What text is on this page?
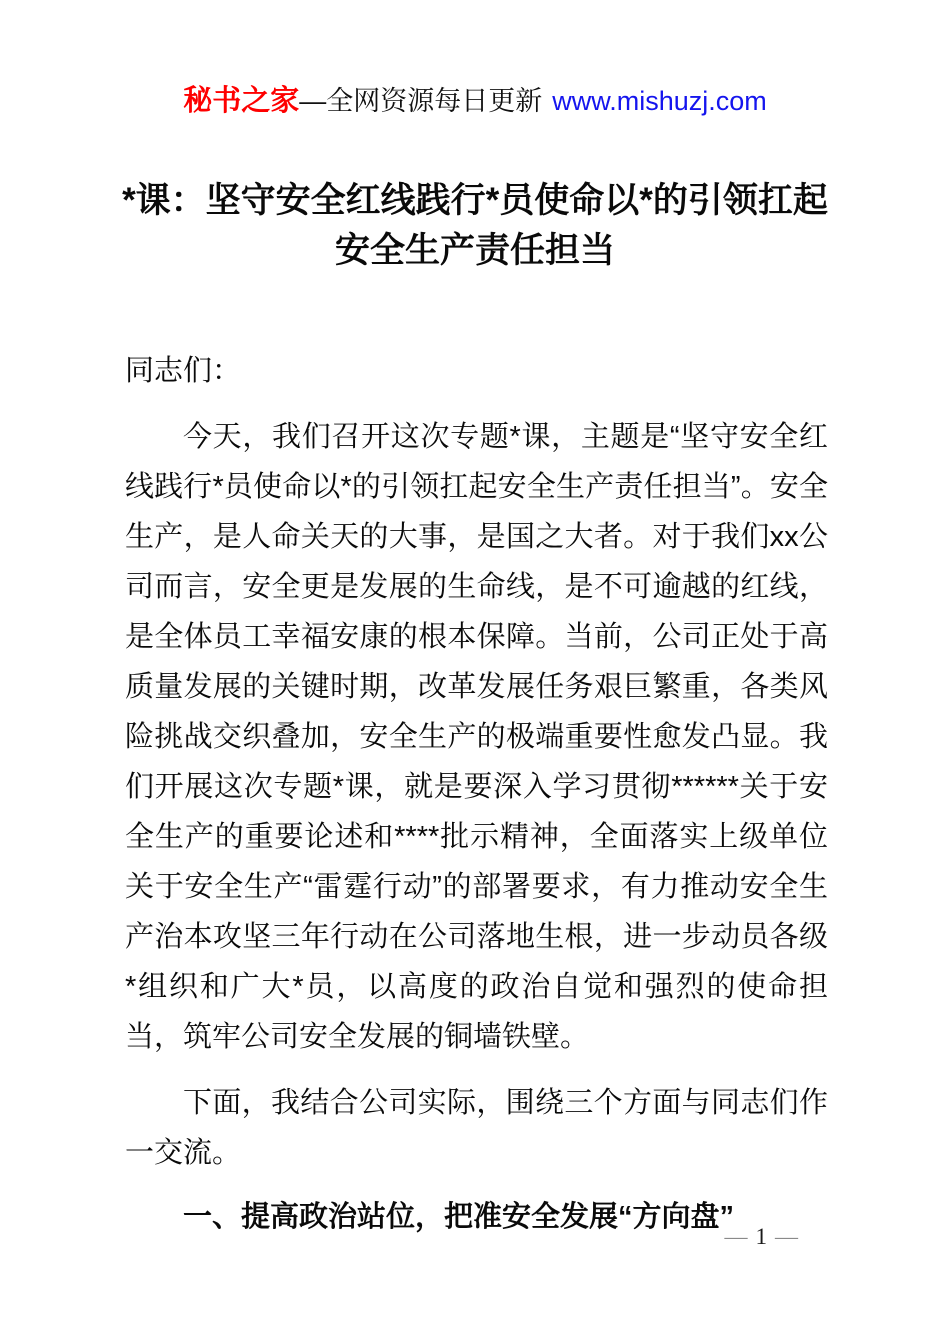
秘书之家—全网资源每日更新 www.mishuzj.com
*课：坚守安全红线践行*员使命以*的引领扛起安全生产责任担当

同志们：

今天，我们召开这次专题*课，主题是“坚守安全红线践行*员使命以*的引领扛起安全生产责任担当”。安全生产，是人命关天的大事，是国之大者。对于我们xx公司而言，安全更是发展的生命线，是不可逾越的红线，是全体员工幸福安康的根本保障。当前，公司正处于高质量发展的关键时期，改革发展任务艰巨繁重，各类风险挑战交织叠加，安全生产的极端重要性愈发凸显。我们开展这次专题*课，就是要深入学习贯彻******关于安全生产的重要论述和****批示精神，全面落实上级单位关于安全生产“雷霆行动”的部署要求，有力推动安全生产治本攻坚三年行动在公司落地生根，进一步动员各级*组织和广大*员，以高度的政治自觉和强烈的使命担当，筑牢公司安全发展的铜墙铁壁。

下面，我结合公司实际，围绕三个方面与同志们作一交流。

一、提高政治站位，把准安全发展“方向盘”

— 1 —
